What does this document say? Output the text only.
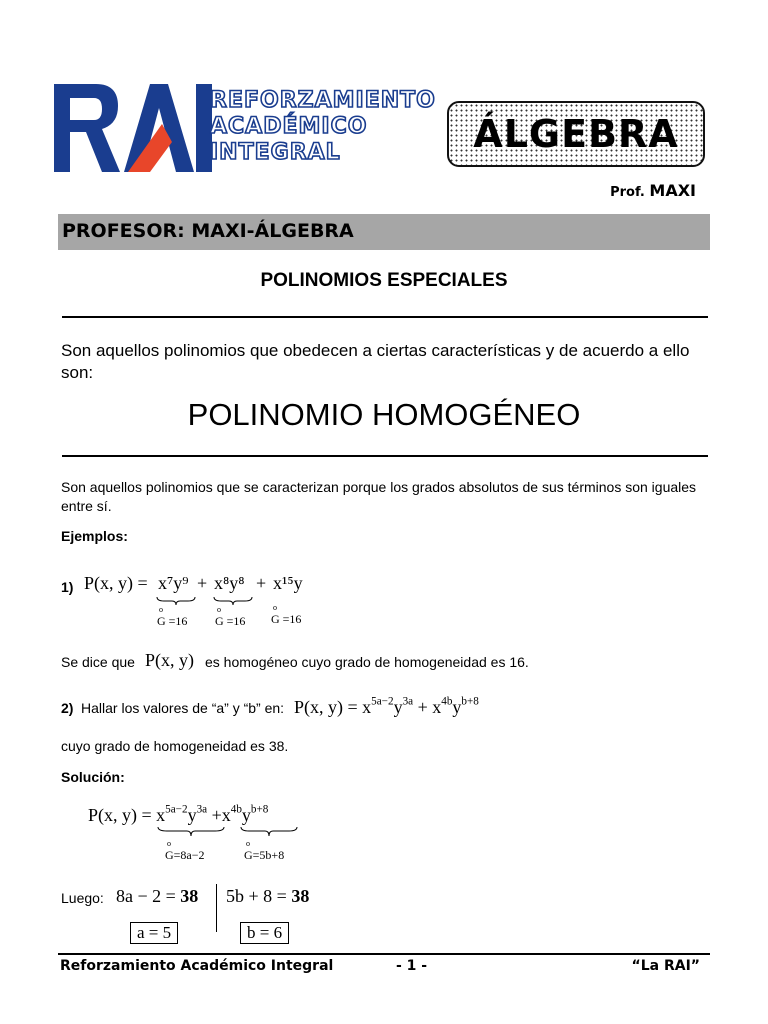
REFORZAMIENTO
ACADÉMICO
INTEGRAL	ÁLGEBRA
Prof. MAXI
PROFESOR: MAXI-ÁLGEBRA
POLINOMIOS ESPECIALES
Son aquellos polinomios que obedecen a ciertas características y de acuerdo a ello son:
POLINOMIO HOMOGÉNEO
Son aquellos polinomios que se caracterizan porque los grados absolutos de sus términos son iguales entre sí.
Ejemplos:
1) P(x, y) = x⁷y⁹ + x⁸y⁸ + x¹⁵y
o
G =16
o
G =16
o
G =16
Se dice que P(x, y) es homogéneo cuyo grado de homogeneidad es 16.
2) Hallar los valores de “a” y “b” en: P(x, $y) = x^{5a-2}y^{3a} + x^{4b}y^{b+8}$
cuyo grado de homogeneidad es 38.
Solución:
P(x, $y) = x^{5a-2}y^{3a} +x^{4b}y^{b+8}$
o
G=8a−2
o
G=5b+8
Luego: 8a − 2 = 38 5b + 8 = 38
a = 5	b = 6
Reforzamiento Académico Integral	- 1 -	“La RAI”
